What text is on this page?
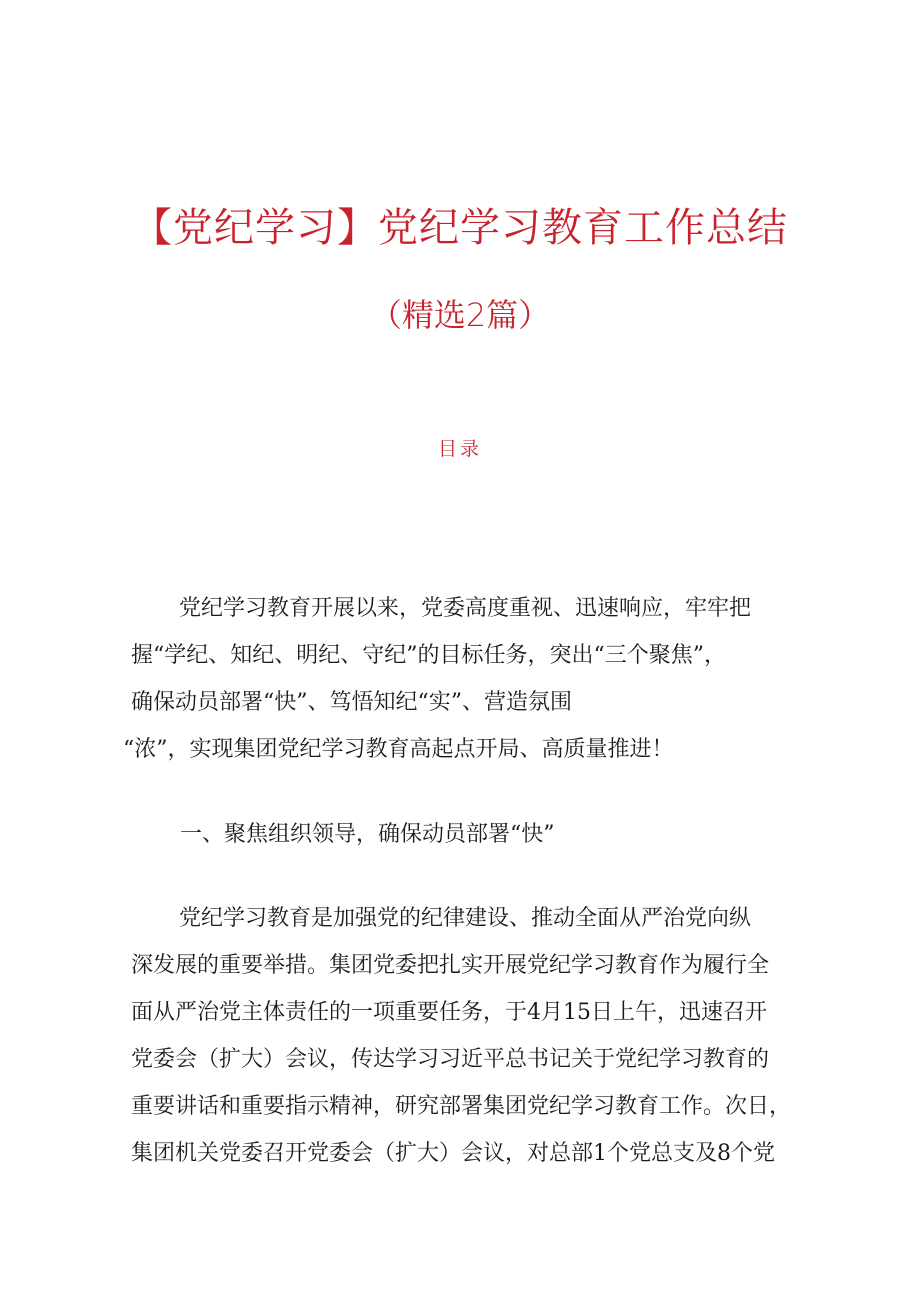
【党纪学习】党纪学习教育工作总结
（精选2篇）
目录
党纪学习教育开展以来，党委高度重视、迅速响应，牢牢把
握“学纪、知纪、明纪、守纪”的目标任务，突出“三个聚焦”，
确保动员部署“快”、笃悟知纪“实”、营造氛围
“浓”，实现集团党纪学习教育高起点开局、高质量推进！
一、聚焦组织领导，确保动员部署“快”
党纪学习教育是加强党的纪律建设、推动全面从严治党向纵
深发展的重要举措。集团党委把扎实开展党纪学习教育作为履行全
面从严治党主体责任的一项重要任务，于4月15日上午，迅速召开
党委会（扩大）会议，传达学习习近平总书记关于党纪学习教育的
重要讲话和重要指示精神，研究部署集团党纪学习教育工作。次日，
集团机关党委召开党委会（扩大）会议，对总部1个党总支及8个党
